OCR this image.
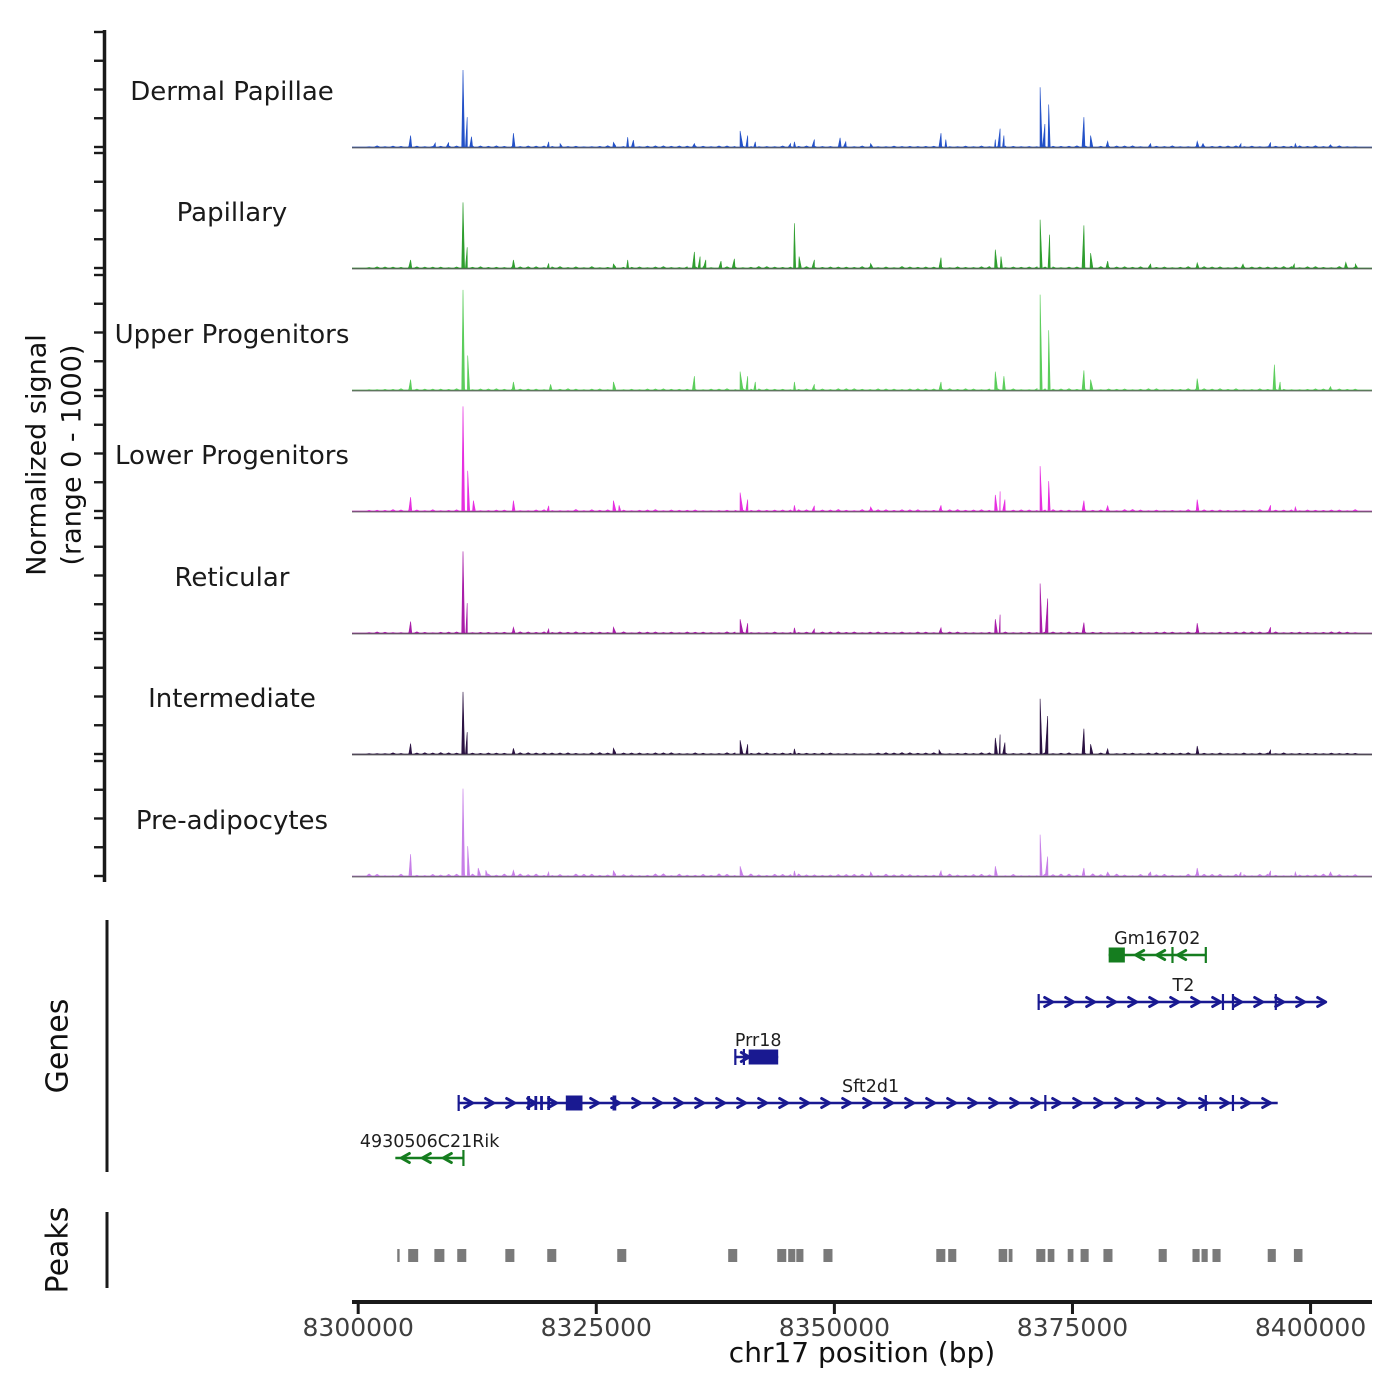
Gm16702
T2
Prr18
Sft2d1
4930506C21Rik
8300000	8325000	8350000	8375000	8400000
Dermal Papillae
Papillary
Upper Progenitors
Lower Progenitors
Reticular
Intermediate
Pre-adipocytes
Normalized signal (range 0 - 1000)
Genes
Peaks
chr17 position (bp)
